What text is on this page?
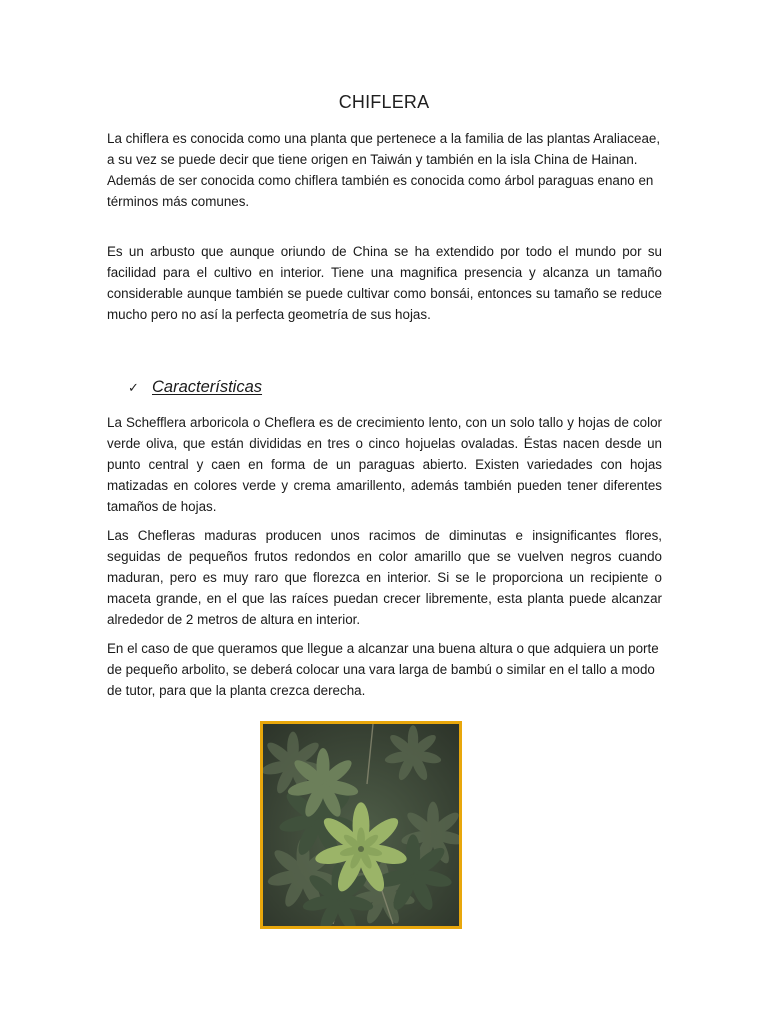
CHIFLERA

La chiflera es conocida como una planta que pertenece a la familia de las plantas Araliaceae, a su vez se puede decir que tiene origen en Taiwán y también en la isla China de Hainan. Además de ser conocida como chiflera también es conocida como árbol paraguas enano en términos más comunes.

Es un arbusto que aunque oriundo de China se ha extendido por todo el mundo por su facilidad para el cultivo en interior. Tiene una magnifica presencia y alcanza un tamaño considerable aunque también se puede cultivar como bonsái, entonces su tamaño se reduce mucho pero no así la perfecta geometría de sus hojas.

✓ Características

La Schefflera arboricola o Cheflera es de crecimiento lento, con un solo tallo y hojas de color verde oliva, que están divididas en tres o cinco hojuelas ovaladas. Éstas nacen desde un punto central y caen en forma de un paraguas abierto. Existen variedades con hojas matizadas en colores verde y crema amarillento, además también pueden tener diferentes tamaños de hojas.

Las Chefleras maduras producen unos racimos de diminutas e insignificantes flores, seguidas de pequeños frutos redondos en color amarillo que se vuelven negros cuando maduran, pero es muy raro que florezca en interior. Si se le proporciona un recipiente o maceta grande, en el que las raíces puedan crecer libremente, esta planta puede alcanzar alrededor de 2 metros de altura en interior.

En el caso de que queramos que llegue a alcanzar una buena altura o que adquiera un porte de pequeño arbolito, se deberá colocar una vara larga de bambú o similar en el tallo a modo de tutor, para que la planta crezca derecha.
